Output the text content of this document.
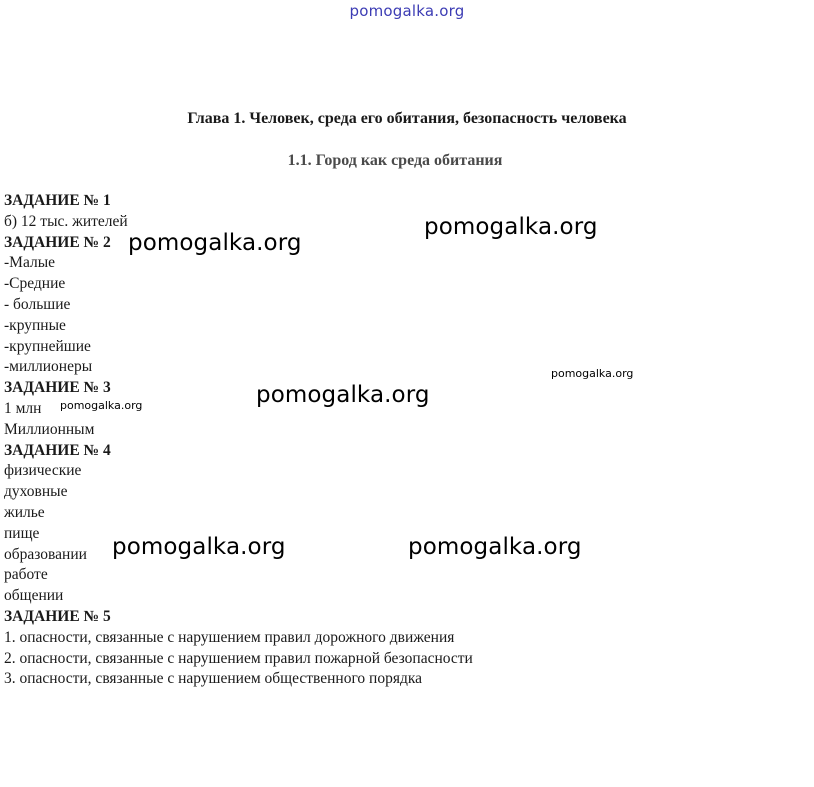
pomogalka.org
Глава 1. Человек, среда его обитания, безопасность человека
1.1. Город как среда обитания
ЗАДАНИЕ № 1
б) 12 тыс. жителей
ЗАДАНИЕ № 2
-Малые
-Средние
- большие
-крупные
-крупнейшие
-миллионеры
ЗАДАНИЕ № 3
1 млн
Миллионным
ЗАДАНИЕ № 4
физические
духовные
жилье
пище
образовании
работе
общении
ЗАДАНИЕ № 5
1. опасности, связанные с нарушением правил дорожного движения
2. опасности, связанные с нарушением правил пожарной безопасности
3. опасности, связанные с нарушением общественного порядка
pomogalka.org
pomogalka.org
pomogalka.org
pomogalka.org	pomogalka.org
pomogalka.org	pomogalka.org
